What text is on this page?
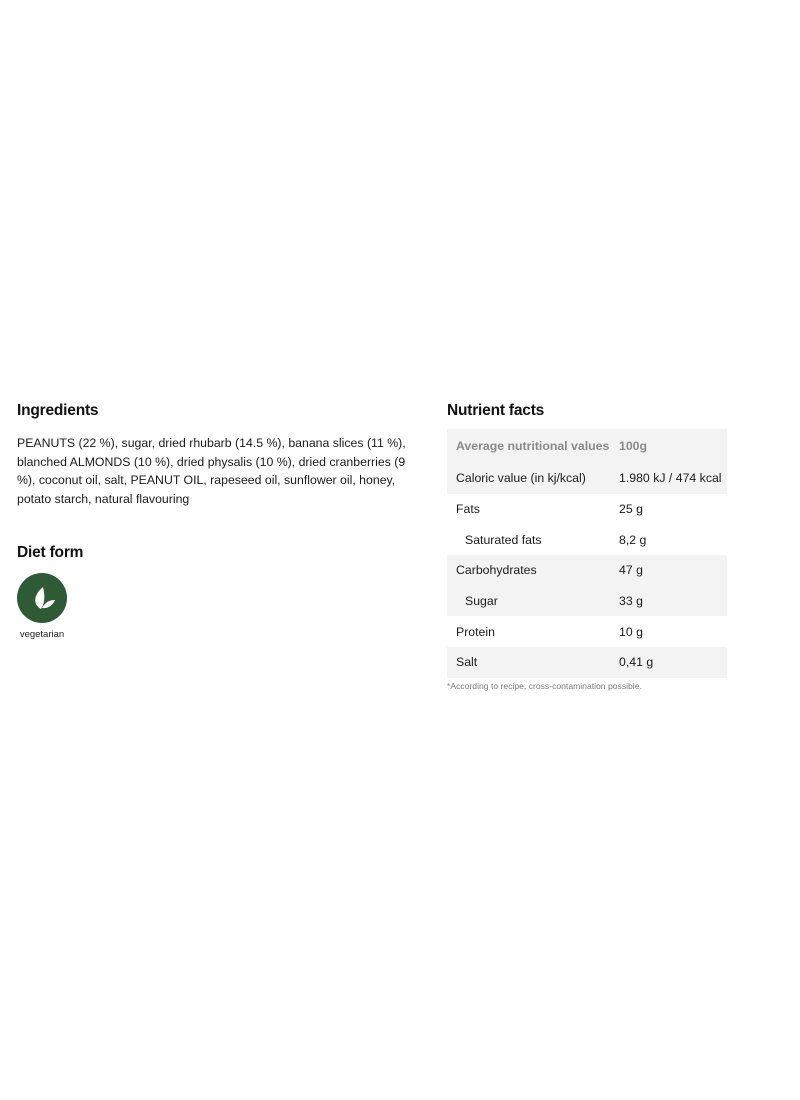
Ingredients

PEANUTS (22 %), sugar, dried rhubarb (14.5 %), banana slices (11 %), blanched ALMONDS (10 %), dried physalis (10 %), dried cranberries (9 %), coconut oil, salt, PEANUT OIL, rapeseed oil, sunflower oil, honey, potato starch, natural flavouring

Diet form
vegetarian
Nutrient facts
Average nutritional values	100g
Caloric value (in kj/kcal)	1.980 kJ / 474 kcal
Fats	25 g
Saturated fats	8,2 g
Carbohydrates	47 g
Sugar	33 g
Protein	10 g
Salt	0,41 g
*According to recipe, cross-contamination possible.
